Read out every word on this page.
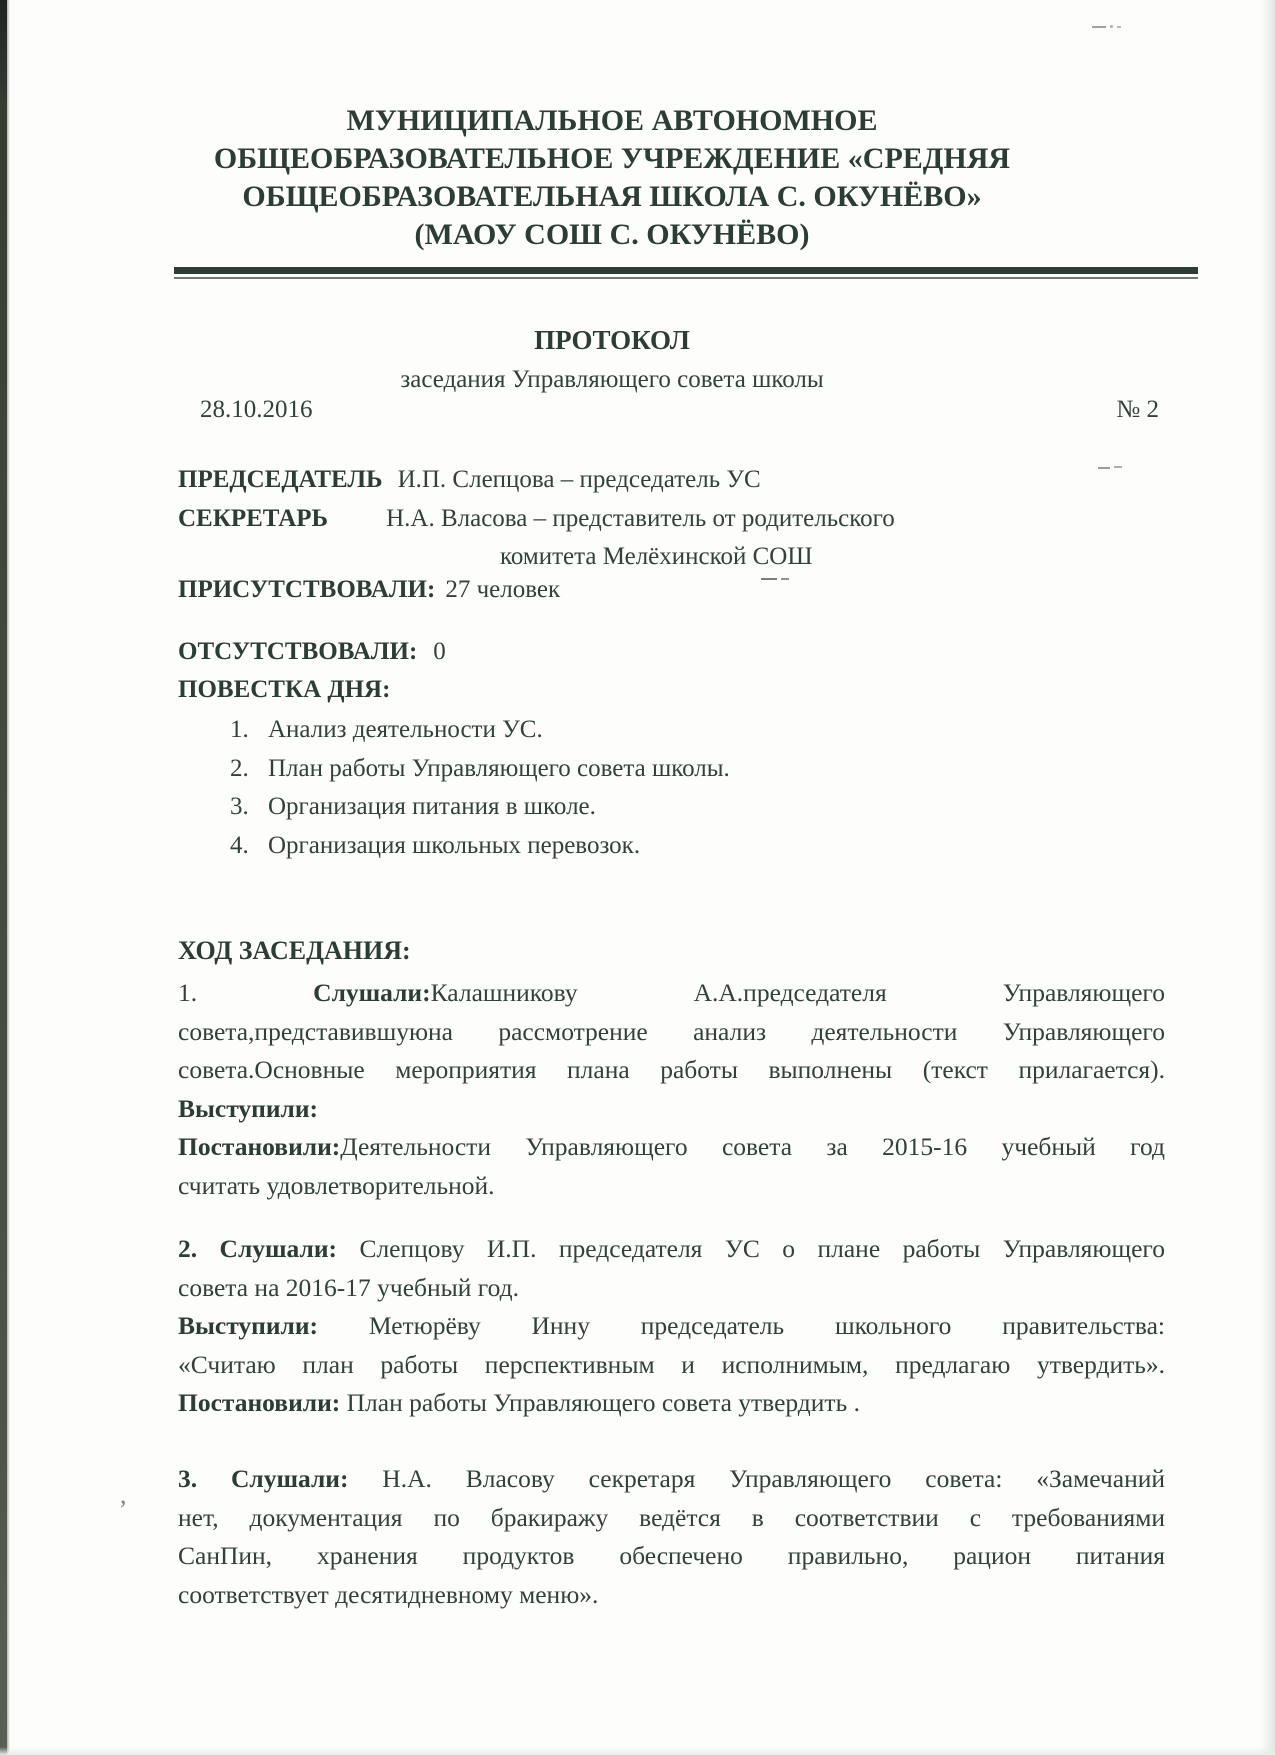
МУНИЦИПАЛЬНОЕ АВТОНОМНОЕ
ОБЩЕОБРАЗОВАТЕЛЬНОЕ УЧРЕЖДЕНИЕ «СРЕДНЯЯ
ОБЩЕОБРАЗОВАТЕЛЬНАЯ ШКОЛА С. ОКУНЁВО»
(МАОУ СОШ С. ОКУНЁВО)
ПРОТОКОЛ
заседания Управляющего совета школы
28.10.2016	№ 2
ПРЕДСЕДАТЕЛЬ И.П. Слепцова – председатель УС
СЕКРЕТАРЬ Н.А. Власова – представитель от родительского
комитета Мелёхинской СОШ
ПРИСУТСТВОВАЛИ: 27 человек
ОТСУТСТВОВАЛИ: 0
ПОВЕСТКА ДНЯ:
1. Анализ деятельности УС.
2. План работы Управляющего совета школы.
3. Организация питания в школе.
4. Организация школьных перевозок.
ХОД ЗАСЕДАНИЯ:
1.	Слушали:Калашникову А.А.председателя Управляющего
совета,представившуюна рассмотрение анализ деятельности Управляющего
совета.Основные мероприятия плана работы выполнены (текст прилагается).
Выступили:
Постановили:Деятельности Управляющего совета за 2015-16 учебный год
считать удовлетворительной.
2. Слушали: Слепцову И.П. председателя УС о плане работы Управляющего
совета на 2016-17 учебный год.
Выступили: Метюрёву Инну председатель школьного правительства:
«Считаю план работы перспективным и исполнимым, предлагаю утвердить».
Постановили: План работы Управляющего совета утвердить .
3. Слушали: Н.А. Власову секретаря Управляющего совета: «Замечаний
нет, документация по бракиражу ведётся в соответствии с требованиями
СанПин, хранения продуктов обеспечено правильно, рацион питания
соответствует десятидневному меню».
,
